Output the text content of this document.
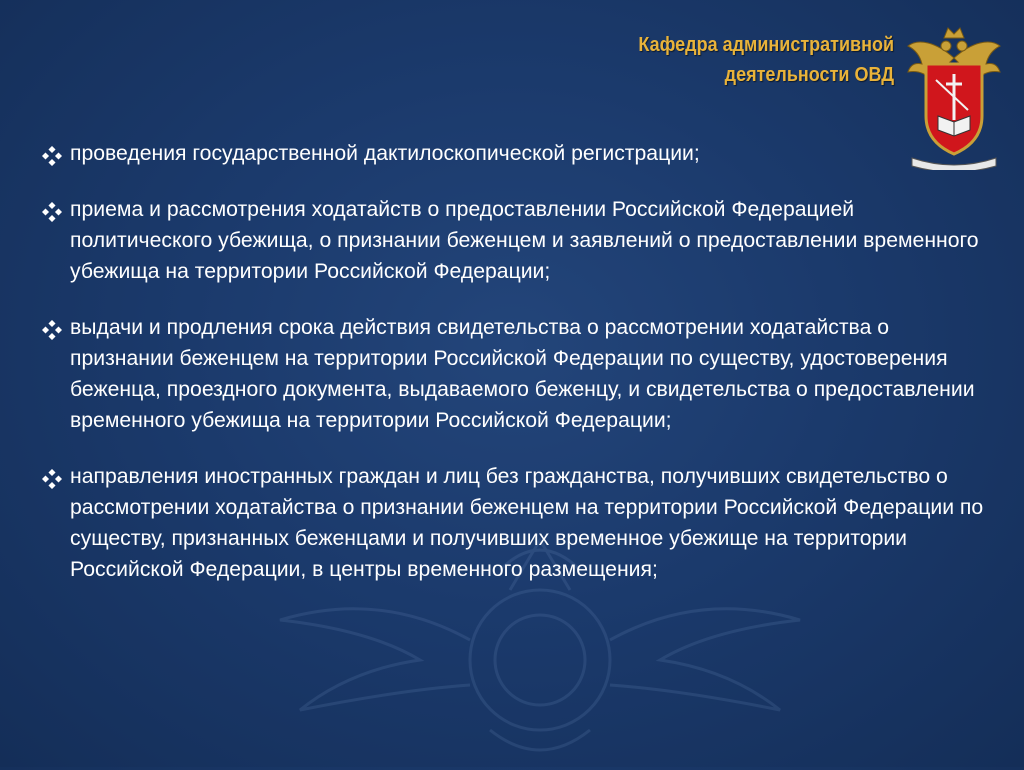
Кафедра административной
деятельности ОВД
проведения государственной дактилоскопической регистрации;
приема и рассмотрения ходатайств о предоставлении Российской Федерацией политического убежища, о признании беженцем и заявлений о предоставлении временного убежища на территории Российской Федерации;
выдачи и продления срока действия свидетельства о рассмотрении ходатайства о признании беженцем на территории Российской Федерации по существу, удостоверения беженца, проездного документа, выдаваемого беженцу, и свидетельства о предоставлении временного убежища на территории Российской Федерации;
направления иностранных граждан и лиц без гражданства, получивших свидетельство о рассмотрении ходатайства о признании беженцем на территории Российской Федерации по существу, признанных беженцами и получивших временное убежище на территории Российской Федерации, в центры временного размещения;
